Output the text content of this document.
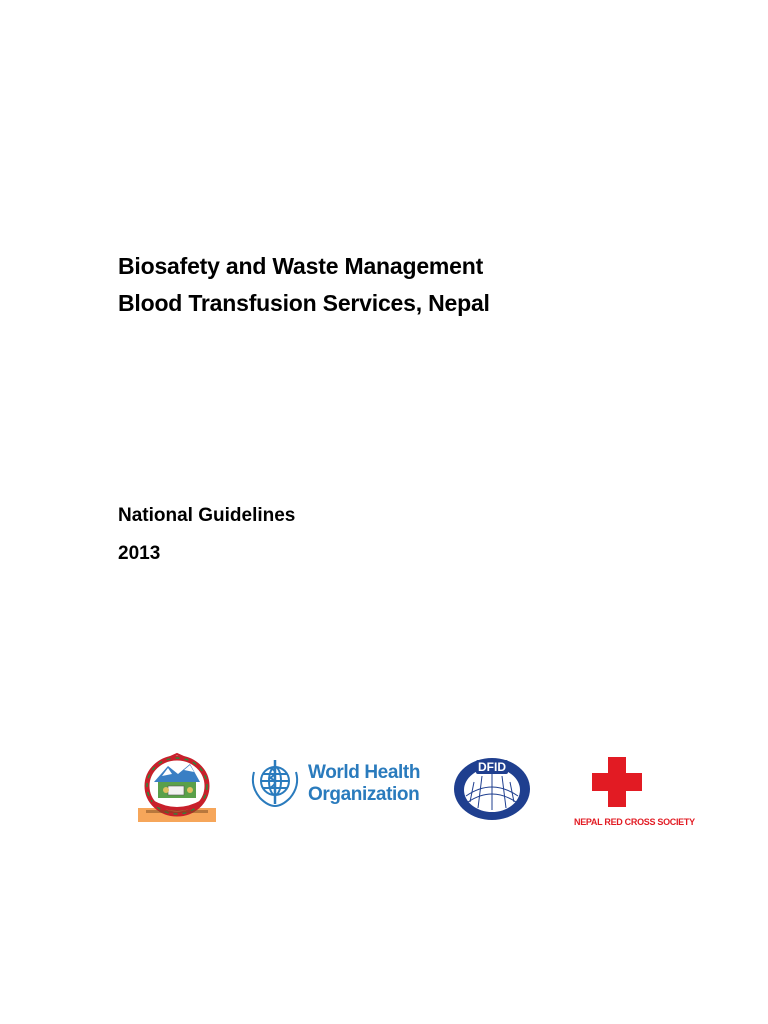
Biosafety and Waste Management
Blood Transfusion Services, Nepal
National Guidelines
2013
World Health
Organization
DFID
NEPAL RED CROSS SOCIETY
